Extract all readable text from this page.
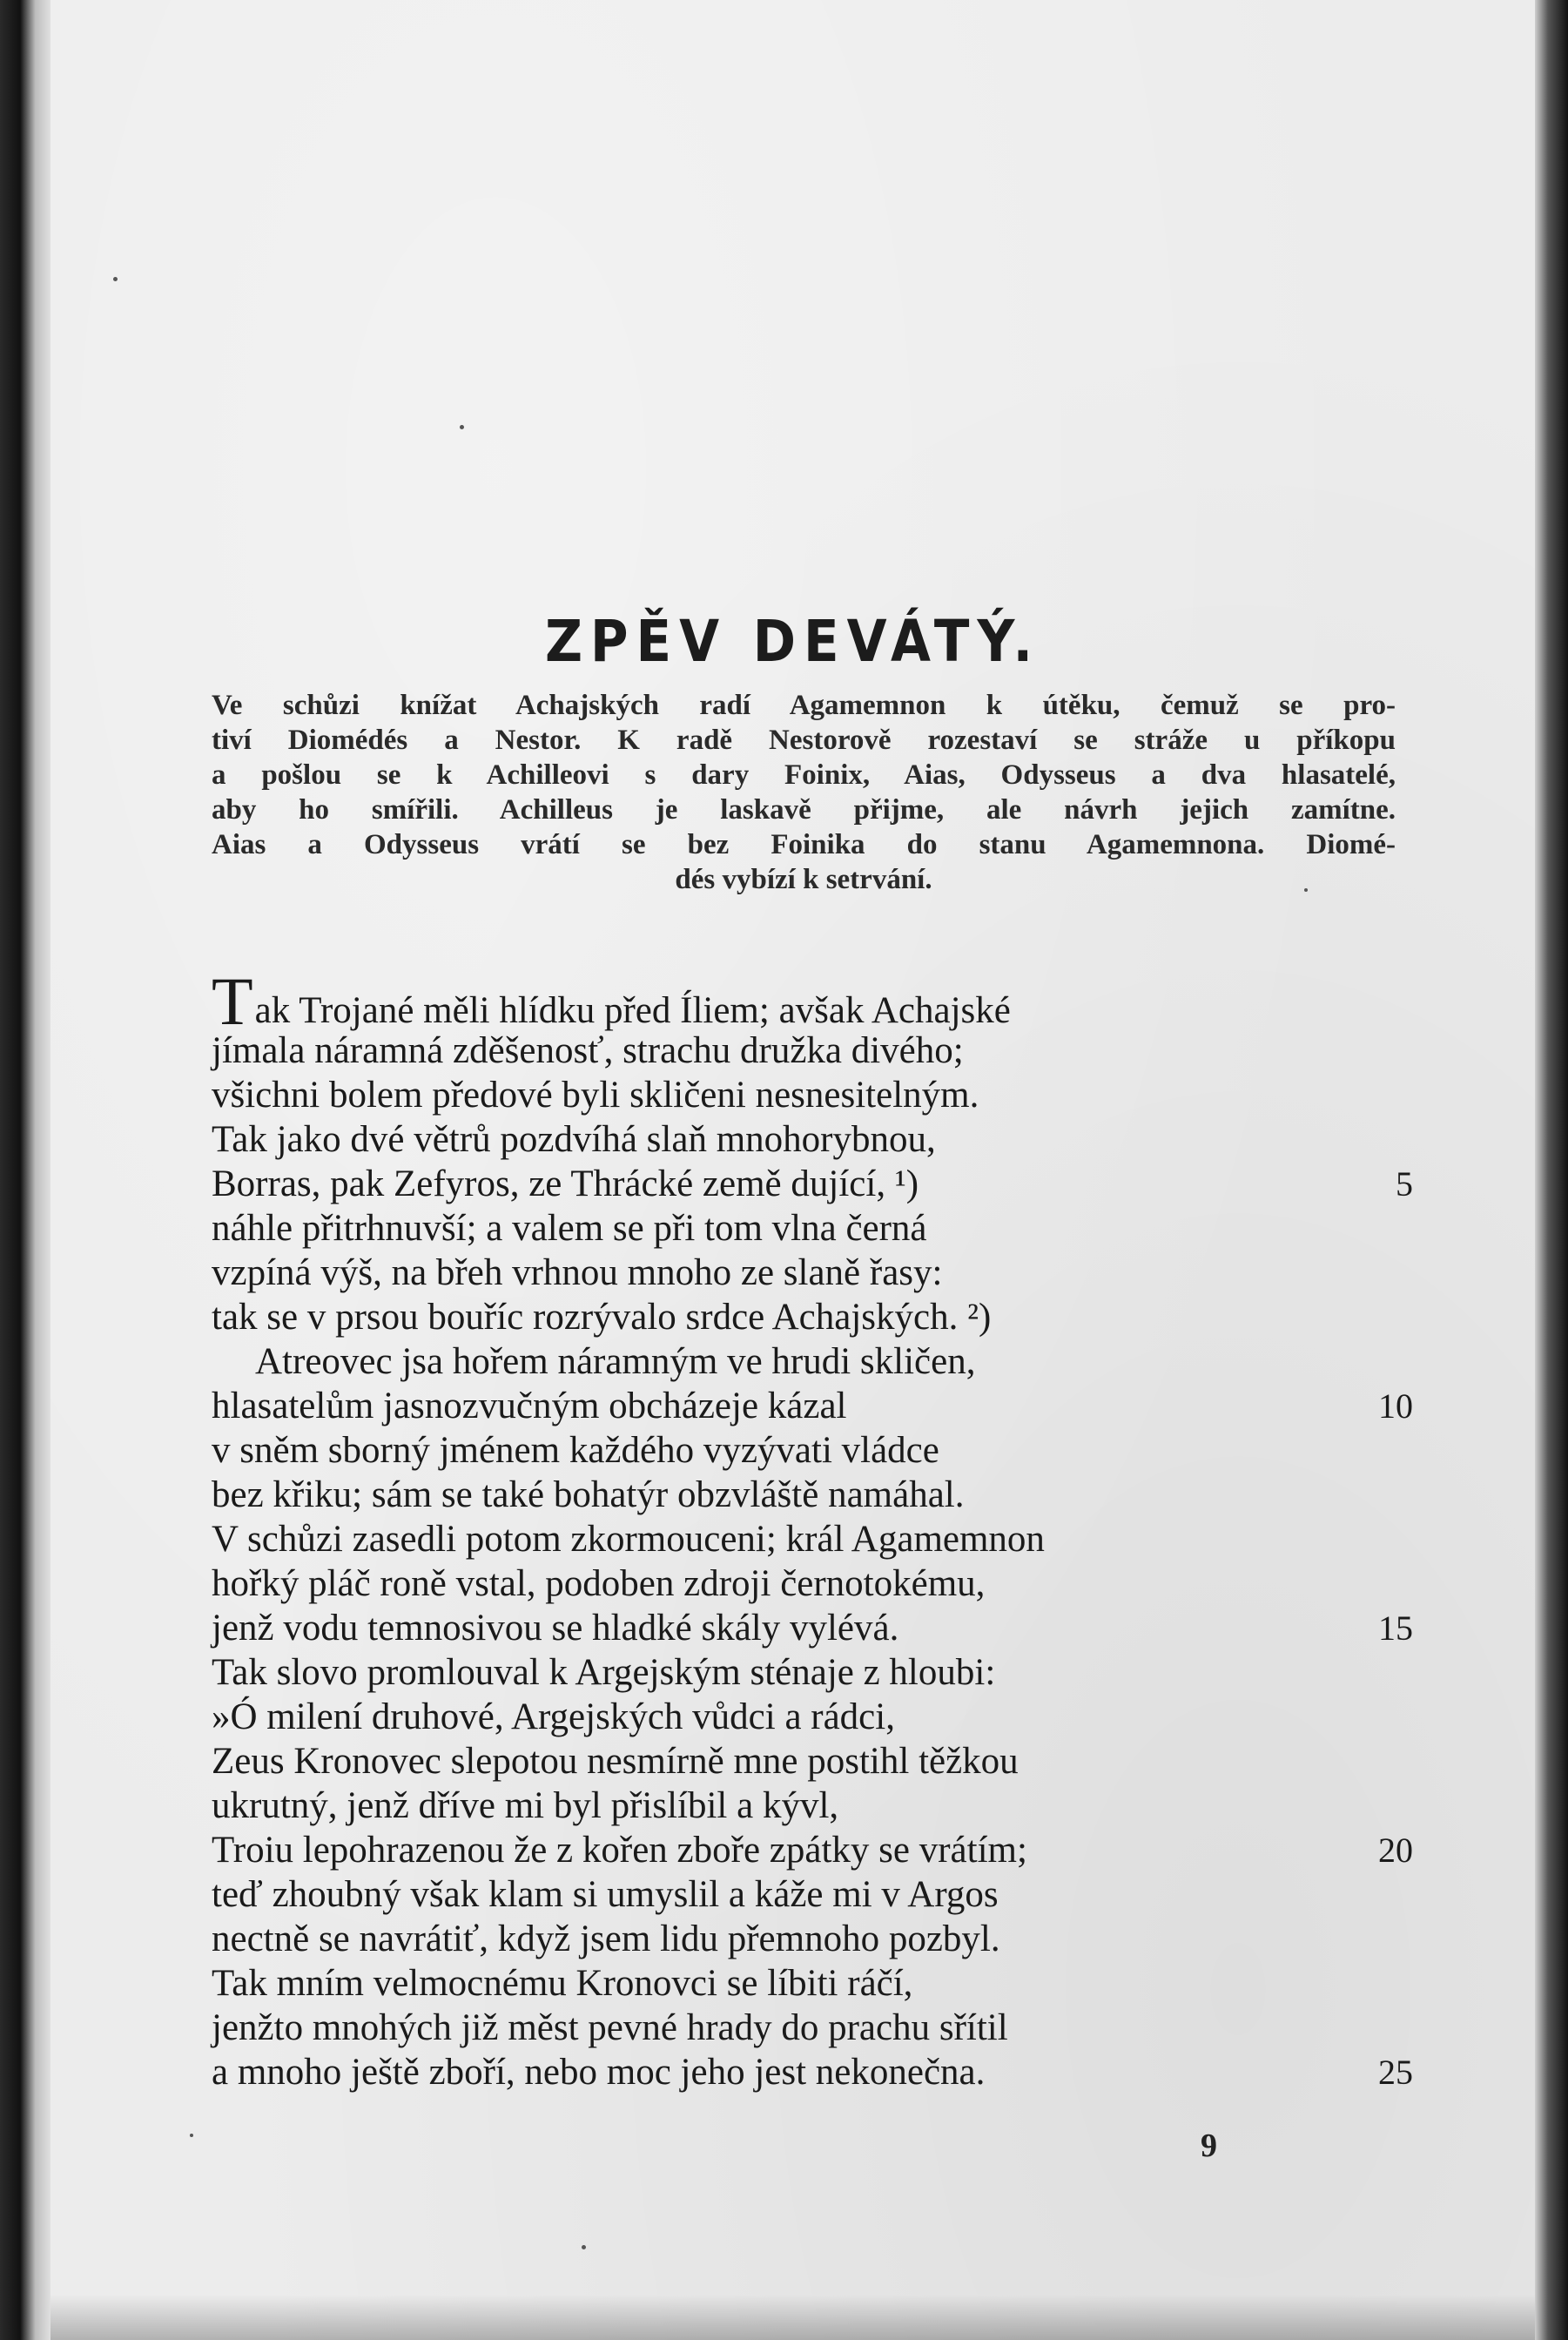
ZPĚV DEVÁTÝ.
Ve schůzi knížat Achajských radí Agamemnon k útěku, čemuž se pro-
tiví Diomédés a Nestor. K radě Nestorově rozestaví se stráže u příkopu
a pošlou se k Achilleovi s dary Foinix, Aias, Odysseus a dva hlasatelé,
aby ho smířili. Achilleus je laskavě přijme, ale návrh jejich zamítne.
Aias a Odysseus vrátí se bez Foinika do stanu Agamemnona. Diomé-
dés vybízí k setrvání.
Tak Trojané měli hlídku před Íliem; avšak Achajské
jímala náramná zděšenosť, strachu družka divého;
všichni bolem předové byli skličeni nesnesitelným.
Tak jako dvé větrů pozdvíhá slaň mnohorybnou,
Borras, pak Zefyros, ze Thrácké země dující, ¹)	5
náhle přitrhnuvší; a valem se při tom vlna černá
vzpíná výš, na břeh vrhnou mnoho ze slaně řasy:
tak se v prsou bouříc rozrývalo srdce Achajských. ²)
Atreovec jsa hořem náramným ve hrudi skličen,
hlasatelům jasnozvučným obcházeje kázal	10
v sněm sborný jménem každého vyzývati vládce
bez křiku; sám se také bohatýr obzvláště namáhal.
V schůzi zasedli potom zkormouceni; král Agamemnon
hořký pláč roně vstal, podoben zdroji černotokému,
jenž vodu temnosivou se hladké skály vylévá.	15
Tak slovo promlouval k Argejským sténaje z hloubi:
»Ó milení druhové, Argejských vůdci a rádci,
Zeus Kronovec slepotou nesmírně mne postihl těžkou
ukrutný, jenž dříve mi byl přislíbil a kývl,
Troiu lepohrazenou že z kořen zboře zpátky se vrátím;	20
teď zhoubný však klam si umyslil a káže mi v Argos
nectně se navrátiť, když jsem lidu přemnoho pozbyl.
Tak mním velmocnému Kronovci se líbiti ráčí,
jenžto mnohých již měst pevné hrady do prachu sřítil
a mnoho ještě zboří, nebo moc jeho jest nekonečna.	25
9
